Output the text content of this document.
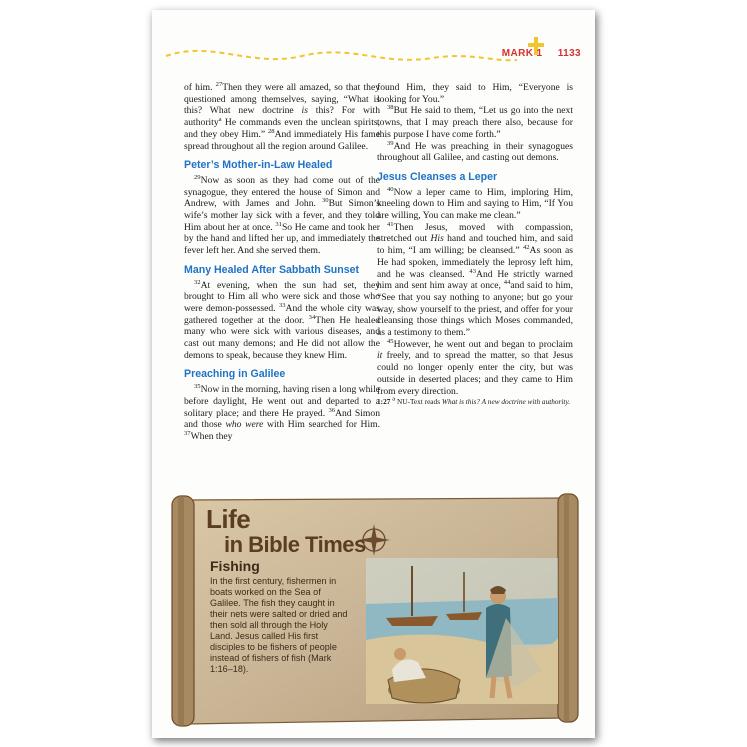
MARK 1 1133

of him. $^{27}$Then they were all amazed, so that they questioned among themselves, saying, “What is this? What new doctrine is this? For with authority$^a$ He commands even the unclean spirits, and they obey Him.” $^{28}$And immediately His fame spread throughout all the region around Galilee.

Peter’s Mother-in-Law Healed

$^{29}$Now as soon as they had come out of the synagogue, they entered the house of Simon and Andrew, with James and John. $^{30}$But Simon’s wife’s mother lay sick with a fever, and they told Him about her at once. $^{31}$So He came and took her by the hand and lifted her up, and immediately the fever left her. And she served them.

Many Healed After Sabbath Sunset

$^{32}$At evening, when the sun had set, they brought to Him all who were sick and those who were demon-possessed. $^{33}$And the whole city was gathered together at the door. $^{34}$Then He healed many who were sick with various diseases, and cast out many demons; and He did not allow the demons to speak, because they knew Him.

Preaching in Galilee

$^{35}$Now in the morning, having risen a long while before daylight, He went out and departed to a solitary place; and there He prayed. $^{36}$And Simon and those who were with Him searched for Him. $^{37}$When they

found Him, they said to Him, “Everyone is looking for You.”

$^{38}$But He said to them, “Let us go into the next towns, that I may preach there also, because for this purpose I have come forth.”

$^{39}$And He was preaching in their synagogues throughout all Galilee, and casting out demons.

Jesus Cleanses a Leper

$^{40}$Now a leper came to Him, imploring Him, kneeling down to Him and saying to Him, “If You are willing, You can make me clean.”

$^{41}$Then Jesus, moved with compassion, stretched out His hand and touched him, and said to him, “I am willing; be cleansed.” $^{42}$As soon as He had spoken, immediately the leprosy left him, and he was cleansed. $^{43}$And He strictly warned him and sent him away at once, $^{44}$and said to him, “See that you say nothing to anyone; but go your way, show yourself to the priest, and offer for your cleansing those things which Moses commanded, as a testimony to them.”

$^{45}$However, he went out and began to proclaim it freely, and to spread the matter, so that Jesus could no longer openly enter the city, but was outside in deserted places; and they came to Him from every direction.

1:27 $^a$ NU-Text reads What is this? A new doctrine with authority.

Life
in Bible Times
Fishing
In the first century, fishermen in boats worked on the Sea of Galilee. The fish they caught in their nets were salted or dried and then sold all through the Holy Land. Jesus called His first disciples to be fishers of people instead of fishers of fish (Mark 1:16–18).
